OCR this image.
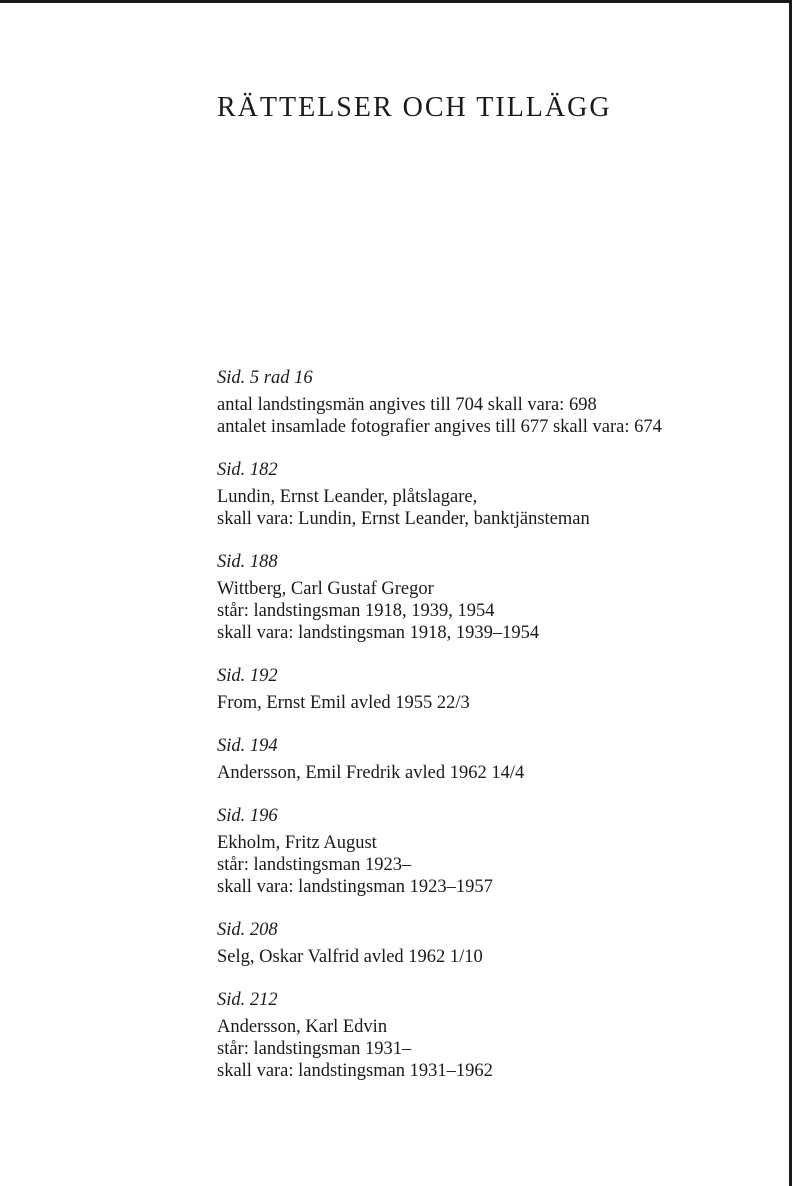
RÄTTELSER OCH TILLÄGG
Sid. 5 rad 16
antal landstingsmän angives till 704 skall vara: 698
antalet insamlade fotografier angives till 677 skall vara: 674
Sid. 182
Lundin, Ernst Leander, plåtslagare,
skall vara: Lundin, Ernst Leander, banktjänsteman
Sid. 188
Wittberg, Carl Gustaf Gregor
står: landstingsman 1918, 1939, 1954
skall vara: landstingsman 1918, 1939–1954
Sid. 192
From, Ernst Emil avled 1955 22/3
Sid. 194
Andersson, Emil Fredrik avled 1962 14/4
Sid. 196
Ekholm, Fritz August
står: landstingsman 1923–
skall vara: landstingsman 1923–1957
Sid. 208
Selg, Oskar Valfrid avled 1962 1/10
Sid. 212
Andersson, Karl Edvin
står: landstingsman 1931–
skall vara: landstingsman 1931–1962
